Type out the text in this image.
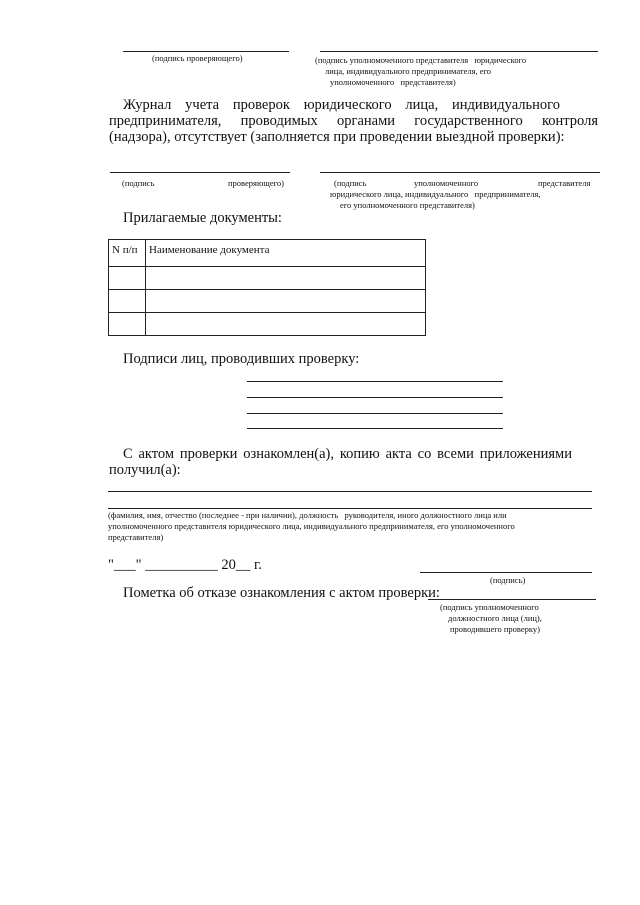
(подпись проверяющего)	(подпись уполномоченного представителя   юридического
лица, индивидуального предпринимателя, его
уполномоченного   представителя)
Журнал учета проверок юридического лица, индивидуального
предпринимателя, проводимых органами государственного контроля
(надзора), отсутствует (заполняется при проведении выездной проверки):
(подпись	проверяющего)	(подпись	уполномоченного	представителя
юридического лица, индивидуального   предпринимателя,
его уполномоченного представителя)
Прилагаемые документы:
N п/п	Наименование документа

Подписи лиц, проводивших проверку:
С актом проверки ознакомлен(а), копию акта со всеми приложениями
получил(а):
(фамилия, имя, отчество (последнее - при наличии), должность   руководителя, иного должностного лица или
уполномоченного представителя юридического лица, индивидуального предпринимателя, его уполномоченного
представителя)
"___" __________ 20__ г.
(подпись)
Пометка об отказе ознакомления с актом проверки:
(подпись уполномоченного
должностного лица (лиц),
проводившего проверку)
